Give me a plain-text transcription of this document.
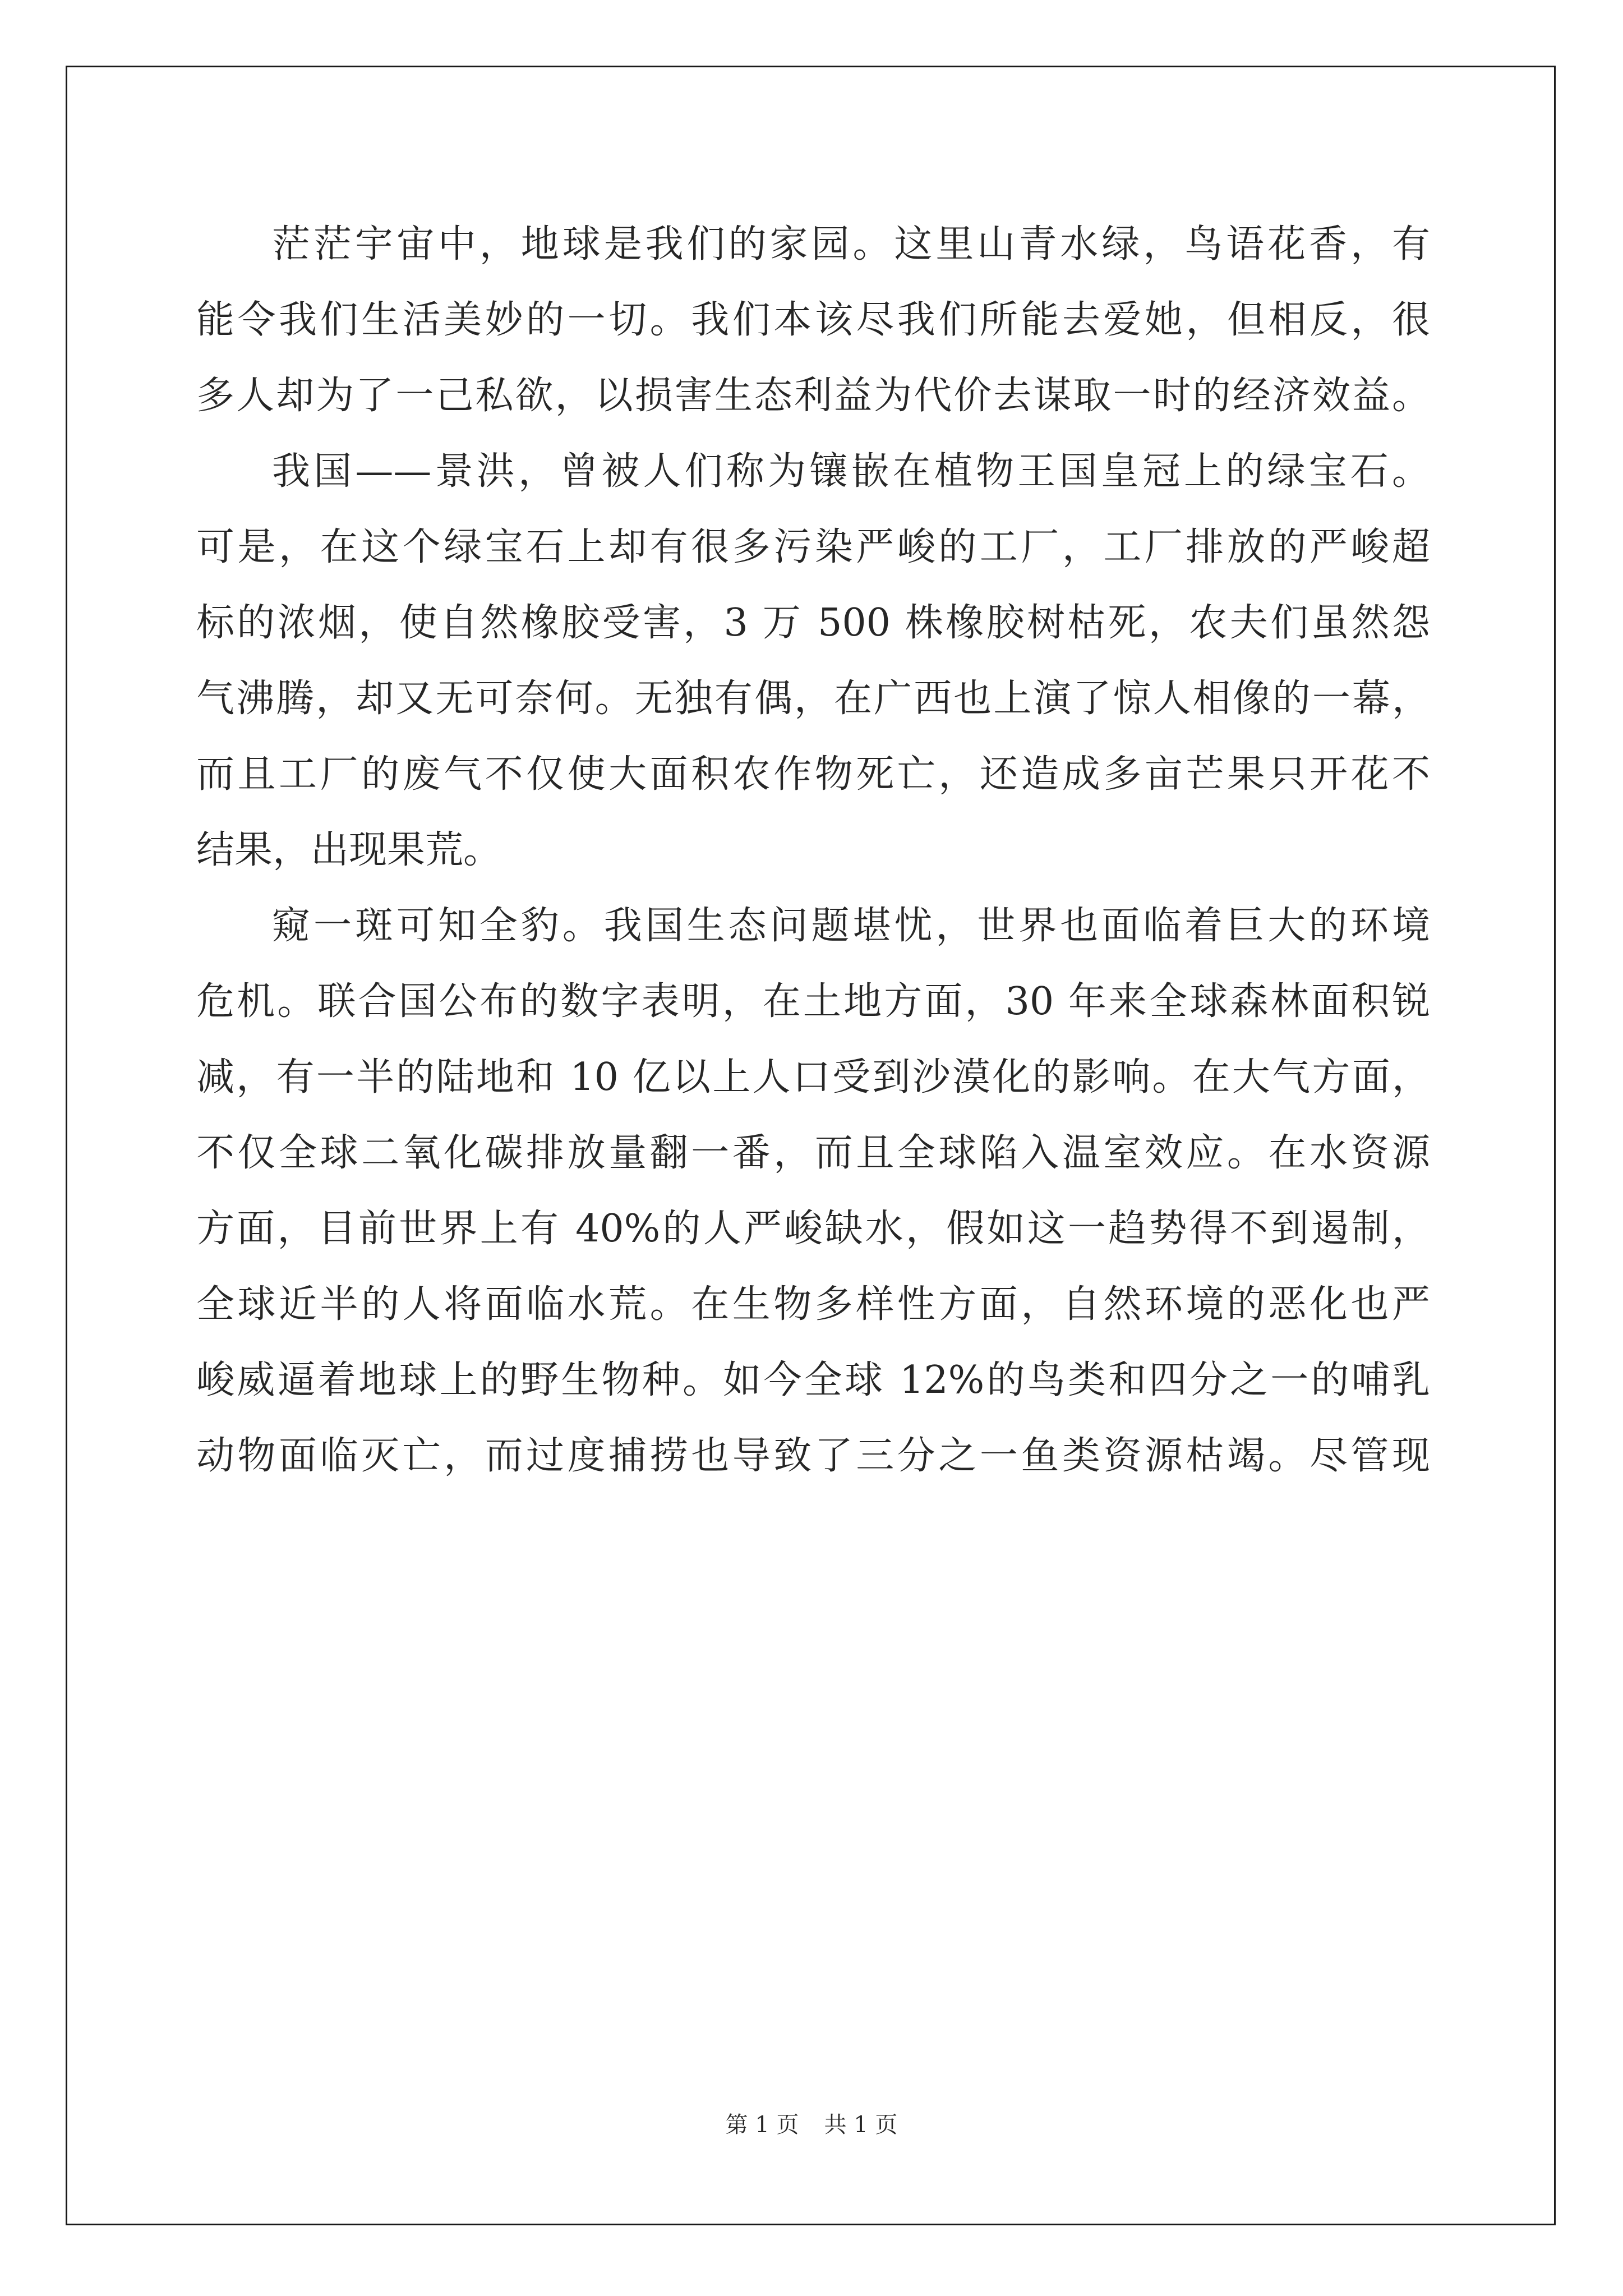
茫茫宇宙中，地球是我们的家园。这里山青水绿，鸟语花香，有
能令我们生活美妙的一切。我们本该尽我们所能去爱她，但相反，很
多人却为了一己私欲，以损害生态利益为代价去谋取一时的经济效益。
我国——景洪，曾被人们称为镶嵌在植物王国皇冠上的绿宝石。
可是，在这个绿宝石上却有很多污染严峻的工厂，工厂排放的严峻超
标的浓烟，使自然橡胶受害，3 万 500 株橡胶树枯死，农夫们虽然怨
气沸腾，却又无可奈何。无独有偶，在广西也上演了惊人相像的一幕，
而且工厂的废气不仅使大面积农作物死亡，还造成多亩芒果只开花不
结果，出现果荒。
窥一斑可知全豹。我国生态问题堪忧，世界也面临着巨大的环境
危机。联合国公布的数字表明，在土地方面，30 年来全球森林面积锐
减，有一半的陆地和 10 亿以上人口受到沙漠化的影响。在大气方面，
不仅全球二氧化碳排放量翻一番，而且全球陷入温室效应。在水资源
方面，目前世界上有 40%的人严峻缺水，假如这一趋势得不到遏制，
全球近半的人将面临水荒。在生物多样性方面，自然环境的恶化也严
峻威逼着地球上的野生物种。如今全球 12%的鸟类和四分之一的哺乳
动物面临灭亡，而过度捕捞也导致了三分之一鱼类资源枯竭。尽管现
第 1 页 共 1 页
